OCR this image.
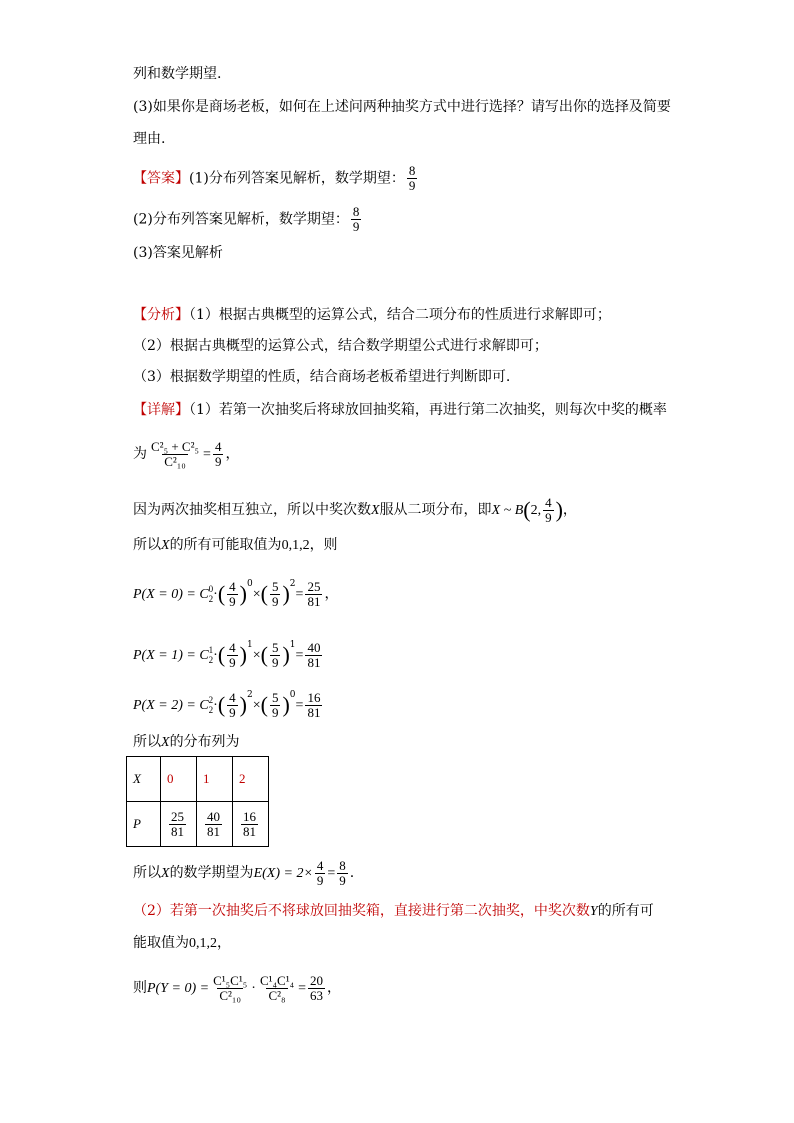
列和数学期望.
(3)如果你是商场老板，如何在上述问两种抽奖方式中进行选择？请写出你的选择及简要
理由.
【答案】(1)分布列答案见解析，数学期望： $\frac{8}{9}$
(2)分布列答案见解析，数学期望： $\frac{8}{9}$
(3)答案见解析
【分析】（1）根据古典概型的运算公式，结合二项分布的性质进行求解即可；
（2）根据古典概型的运算公式，结合数学期望公式进行求解即可；
（3）根据数学期望的性质，结合商场老板希望进行判断即可.
【详解】（1）若第一次抽奖后将球放回抽奖箱，再进行第二次抽奖，则每次中奖的概率
为 $\frac{\text{C²₅ + C²₅}}{\text{C²₁₀}} = \frac{4}{9}$ ，
因为两次抽奖相互独立，所以中奖次数X服从二项分布，即X ~ B(2, $\frac{4}{9}$ )，
所以X的所有可能取值为0,1,2，则
P(X = 0) = C 0
2 ·( $\frac{4}{9} )^0\times( \frac{5}{9} )^2= \frac{25}{81}$ ，
P(X = 1) = C 1
2 ·( $\frac{4}{9} )^1\times( \frac{5}{9} )^1= \frac{40}{81}$
P(X = 2) = C 2
2 ·( $\frac{4}{9} )^2\times( \frac{5}{9} )^0= \frac{16}{81}$
所以X的分布列为
X	0	1	2
P	$\frac{25}{81}$	$\frac{40}{81}$	$\frac{16}{81}$
所以X的数学期望为$E(X) = 2\times \frac{4}{9} = \frac{8}{9}$ .
（2）若第一次抽奖后不将球放回抽奖箱，直接进行第二次抽奖，中奖次数Y的所有可
能取值为0,1,2，
则$P(Y = 0) = \frac{\text{C¹₅C¹₅}}{\text{C²₁₀}} \cdot \frac{\text{C¹₄C¹₄}}{\text{C²₈}} = \frac{20}{63}$ ，
